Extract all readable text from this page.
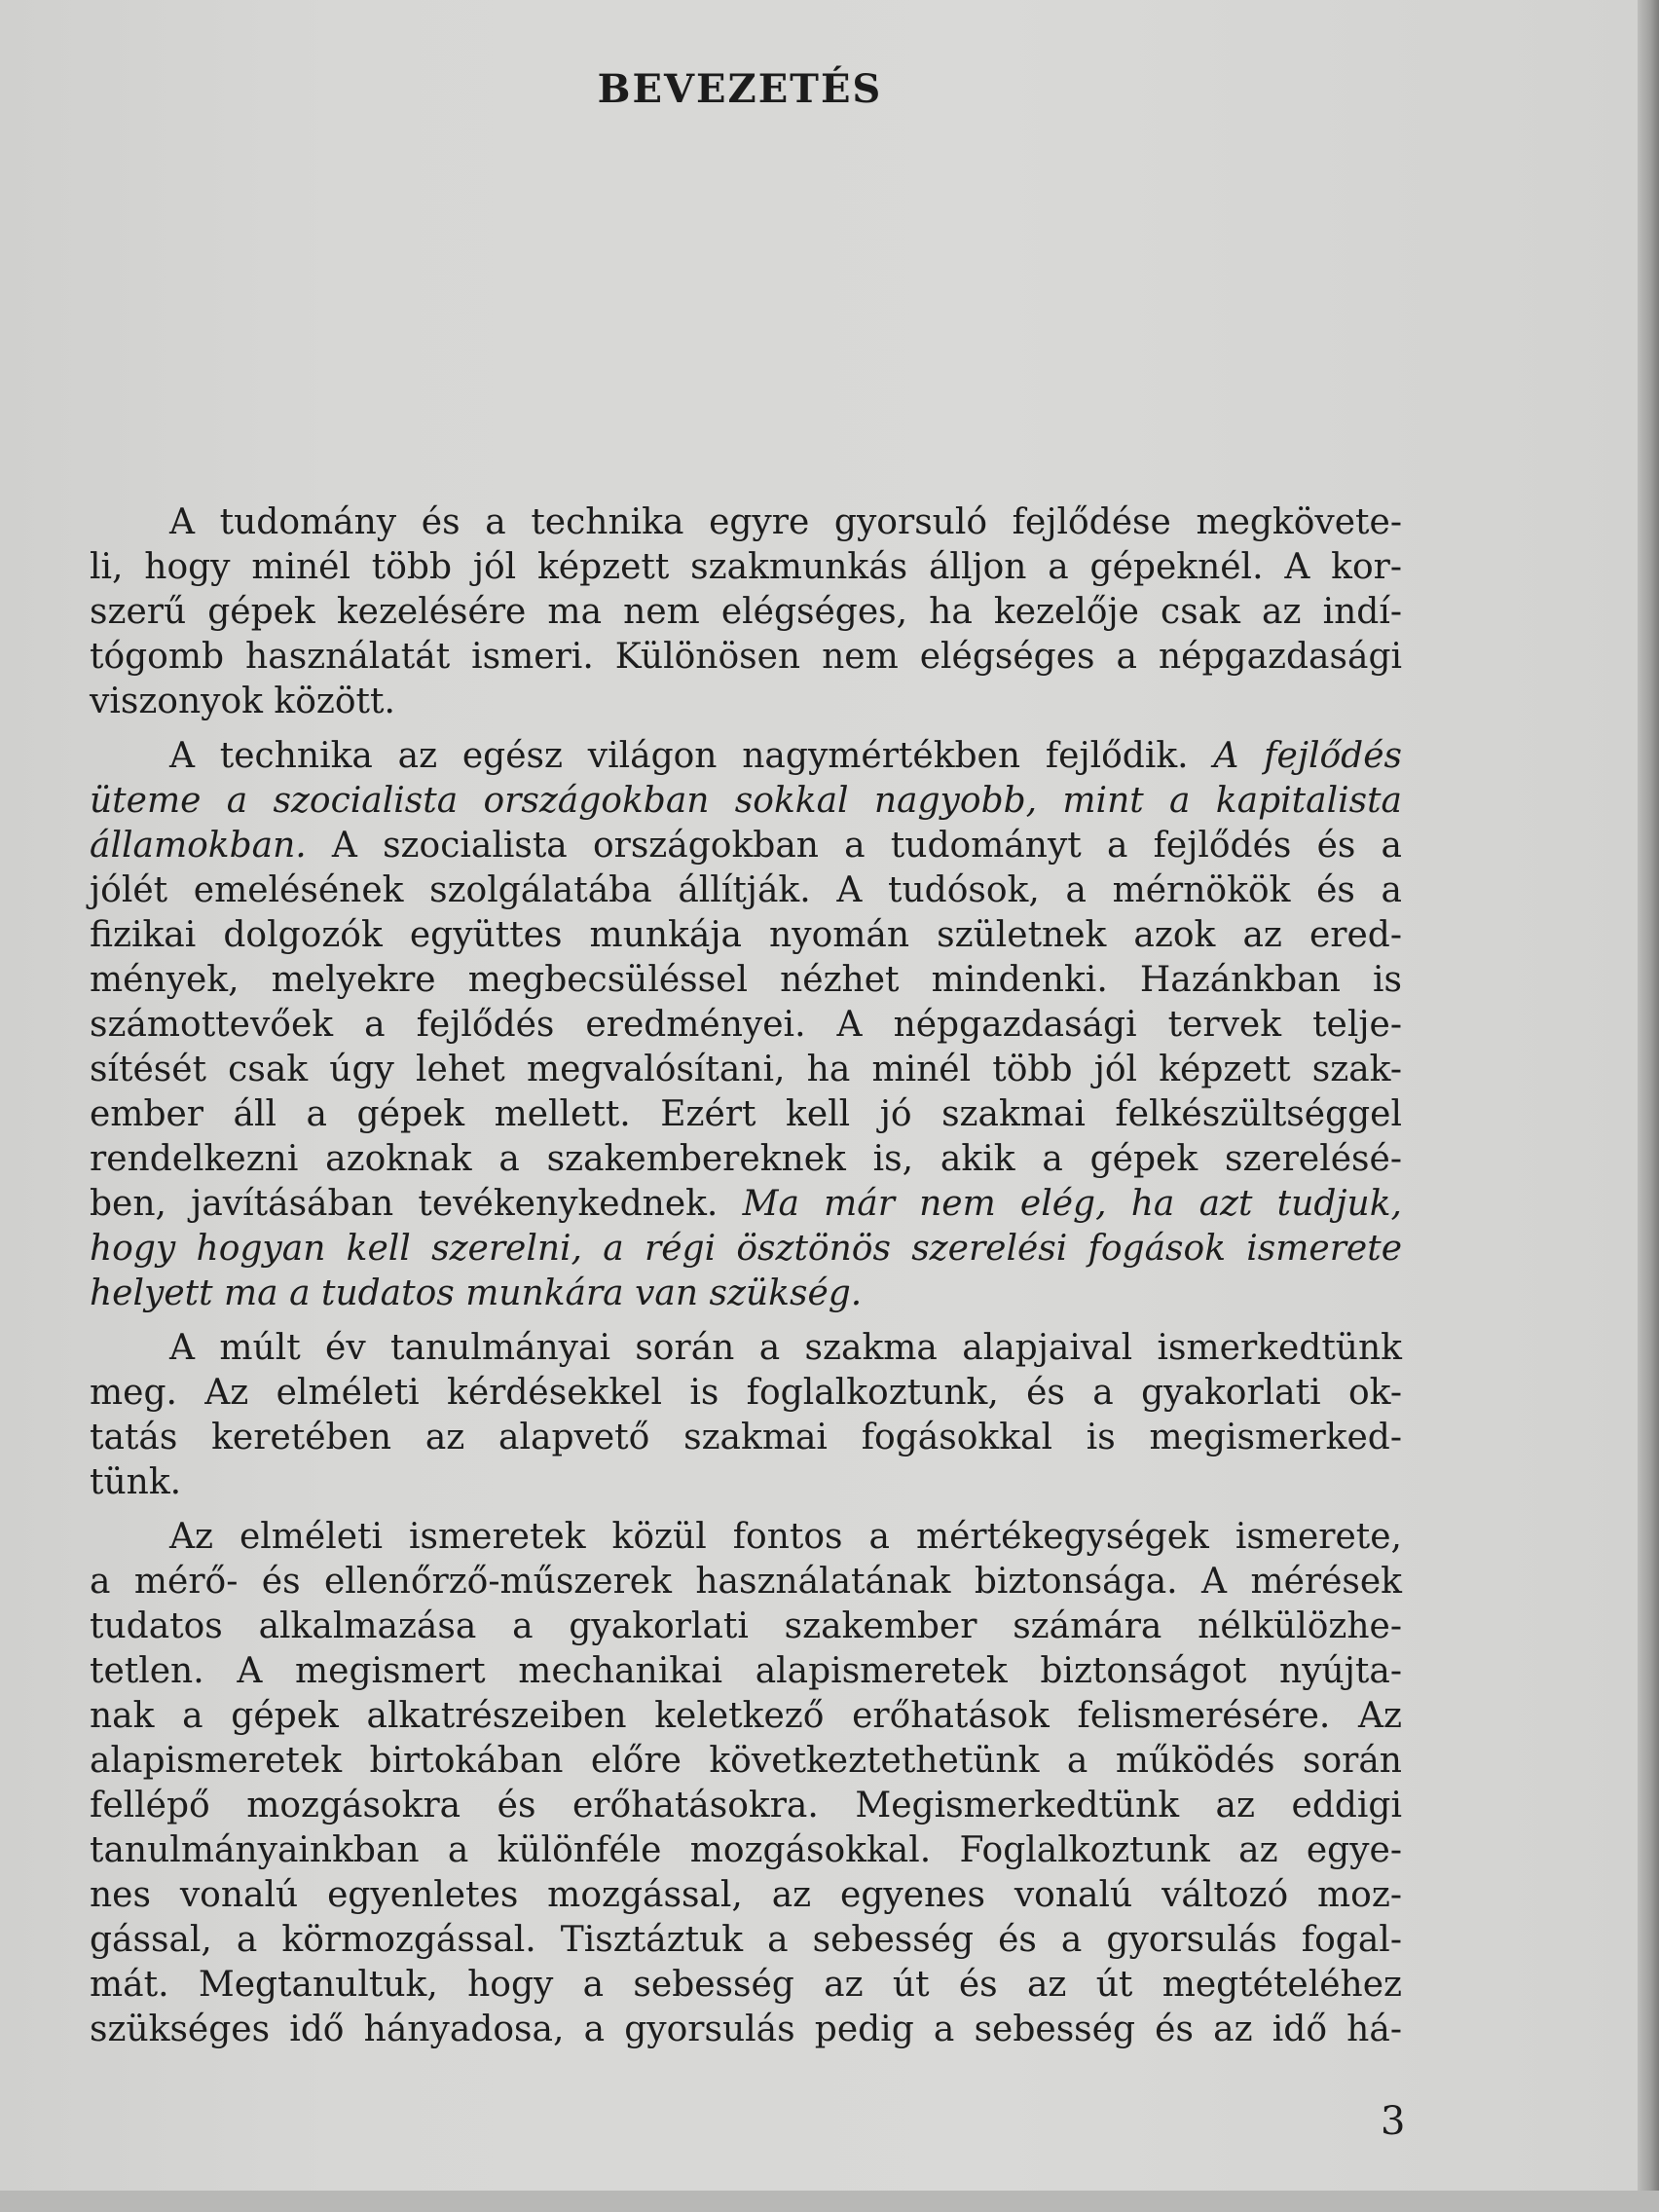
BEVEZETÉS
A tudomány és a technika egyre gyorsuló fejlődése megkövete-
li, hogy minél több jól képzett szakmunkás álljon a gépeknél. A kor-
szerű gépek kezelésére ma nem elégséges, ha kezelője csak az indí-
tógomb használatát ismeri. Különösen nem elégséges a népgazdasági
viszonyok között.
A technika az egész világon nagymértékben fejlődik. A fejlődés
üteme a szocialista országokban sokkal nagyobb, mint a kapitalista
államokban. A szocialista országokban a tudományt a fejlődés és a
jólét emelésének szolgálatába állítják. A tudósok, a mérnökök és a
fizikai dolgozók együttes munkája nyomán születnek azok az ered-
mények, melyekre megbecsüléssel nézhet mindenki. Hazánkban is
számottevőek a fejlődés eredményei. A népgazdasági tervek telje-
sítését csak úgy lehet megvalósítani, ha minél több jól képzett szak-
ember áll a gépek mellett. Ezért kell jó szakmai felkészültséggel
rendelkezni azoknak a szakembereknek is, akik a gépek szerelésé-
ben, javításában tevékenykednek. Ma már nem elég, ha azt tudjuk,
hogy hogyan kell szerelni, a régi ösztönös szerelési fogások ismerete
helyett ma a tudatos munkára van szükség.
A múlt év tanulmányai során a szakma alapjaival ismerkedtünk
meg. Az elméleti kérdésekkel is foglalkoztunk, és a gyakorlati ok-
tatás keretében az alapvető szakmai fogásokkal is megismerked-
tünk.
Az elméleti ismeretek közül fontos a mértékegységek ismerete,
a mérő- és ellenőrző-műszerek használatának biztonsága. A mérések
tudatos alkalmazása a gyakorlati szakember számára nélkülözhe-
tetlen. A megismert mechanikai alapismeretek biztonságot nyújta-
nak a gépek alkatrészeiben keletkező erőhatások felismerésére. Az
alapismeretek birtokában előre következtethetünk a működés során
fellépő mozgásokra és erőhatásokra. Megismerkedtünk az eddigi
tanulmányainkban a különféle mozgásokkal. Foglalkoztunk az egye-
nes vonalú egyenletes mozgással, az egyenes vonalú változó moz-
gással, a körmozgással. Tisztáztuk a sebesség és a gyorsulás fogal-
mát. Megtanultuk, hogy a sebesség az út és az út megtételéhez
szükséges idő hányadosa, a gyorsulás pedig a sebesség és az idő há-
3
